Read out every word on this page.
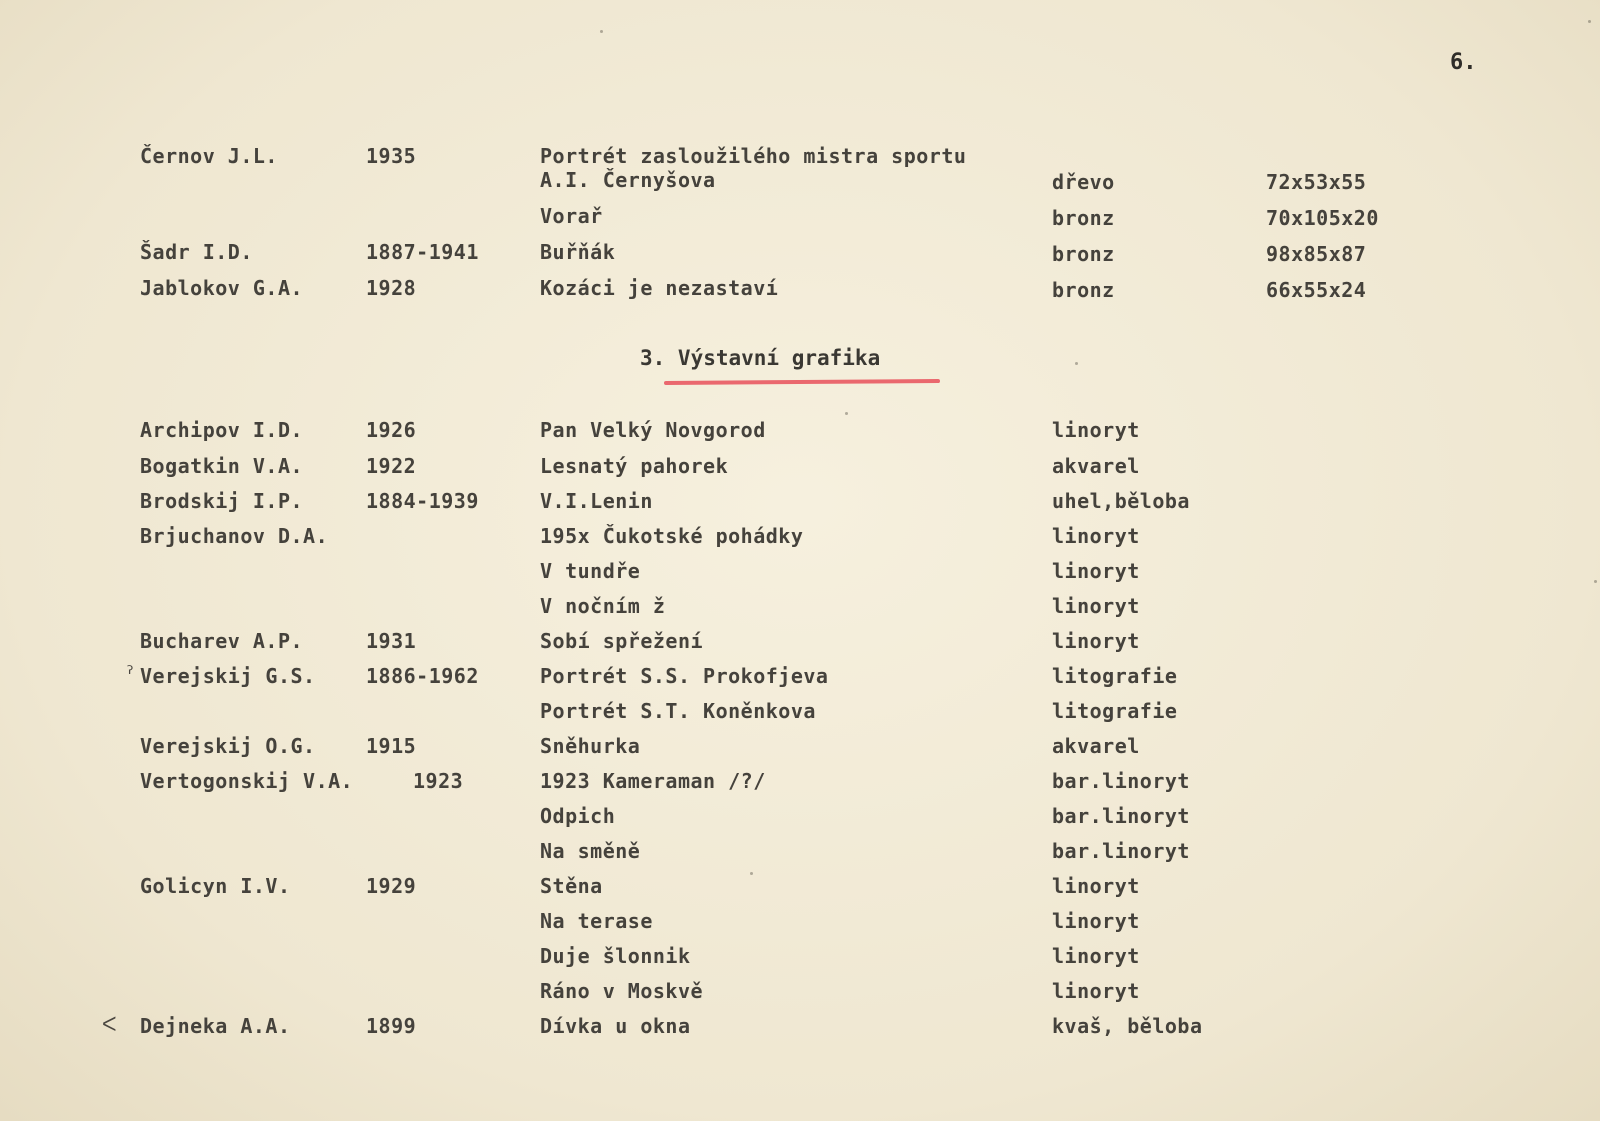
6.
Černov J.L.	1935	Portrét zasloužilého mistra sportu
A.I. Černyšova	dřevo	72x53x55
Vorař	bronz	70x105x20
Šadr I.D.	1887-1941	Buřňák	bronz	98x85x87
Jablokov G.A.	1928	Kozáci je nezastaví	bronz	66x55x24
3. Výstavní grafika
Archipov I.D.	1926	Pan Velký Novgorod	linoryt
Bogatkin V.A.	1922	Lesnatý pahorek	akvarel
Brodskij I.P.	1884-1939	V.I.Lenin	uhel,běloba
Brjuchanov D.A.	195x Čukotské pohádky	linoryt
V tundře	linoryt
V nočním ž	linoryt
Bucharev A.P.	1931	Sobí spřežení	linoryt
ˀ Verejskij G.S.	1886-1962	Portrét S.S. Prokofjeva	litografie
Portrét S.T. Koněnkova	litografie
Verejskij O.G.	1915	Sněhurka	akvarel
Vertogonskij V.A.	1923	1923 Kameraman /?/	bar.linoryt
Odpich	bar.linoryt
Na směně	bar.linoryt
Golicyn I.V.	1929	Stěna	linoryt
Na terase	linoryt
Duje šlonnik	linoryt
Ráno v Moskvě	linoryt
ᐸ Dejneka A.A.	1899	Dívka u okna	kvaš, běloba
